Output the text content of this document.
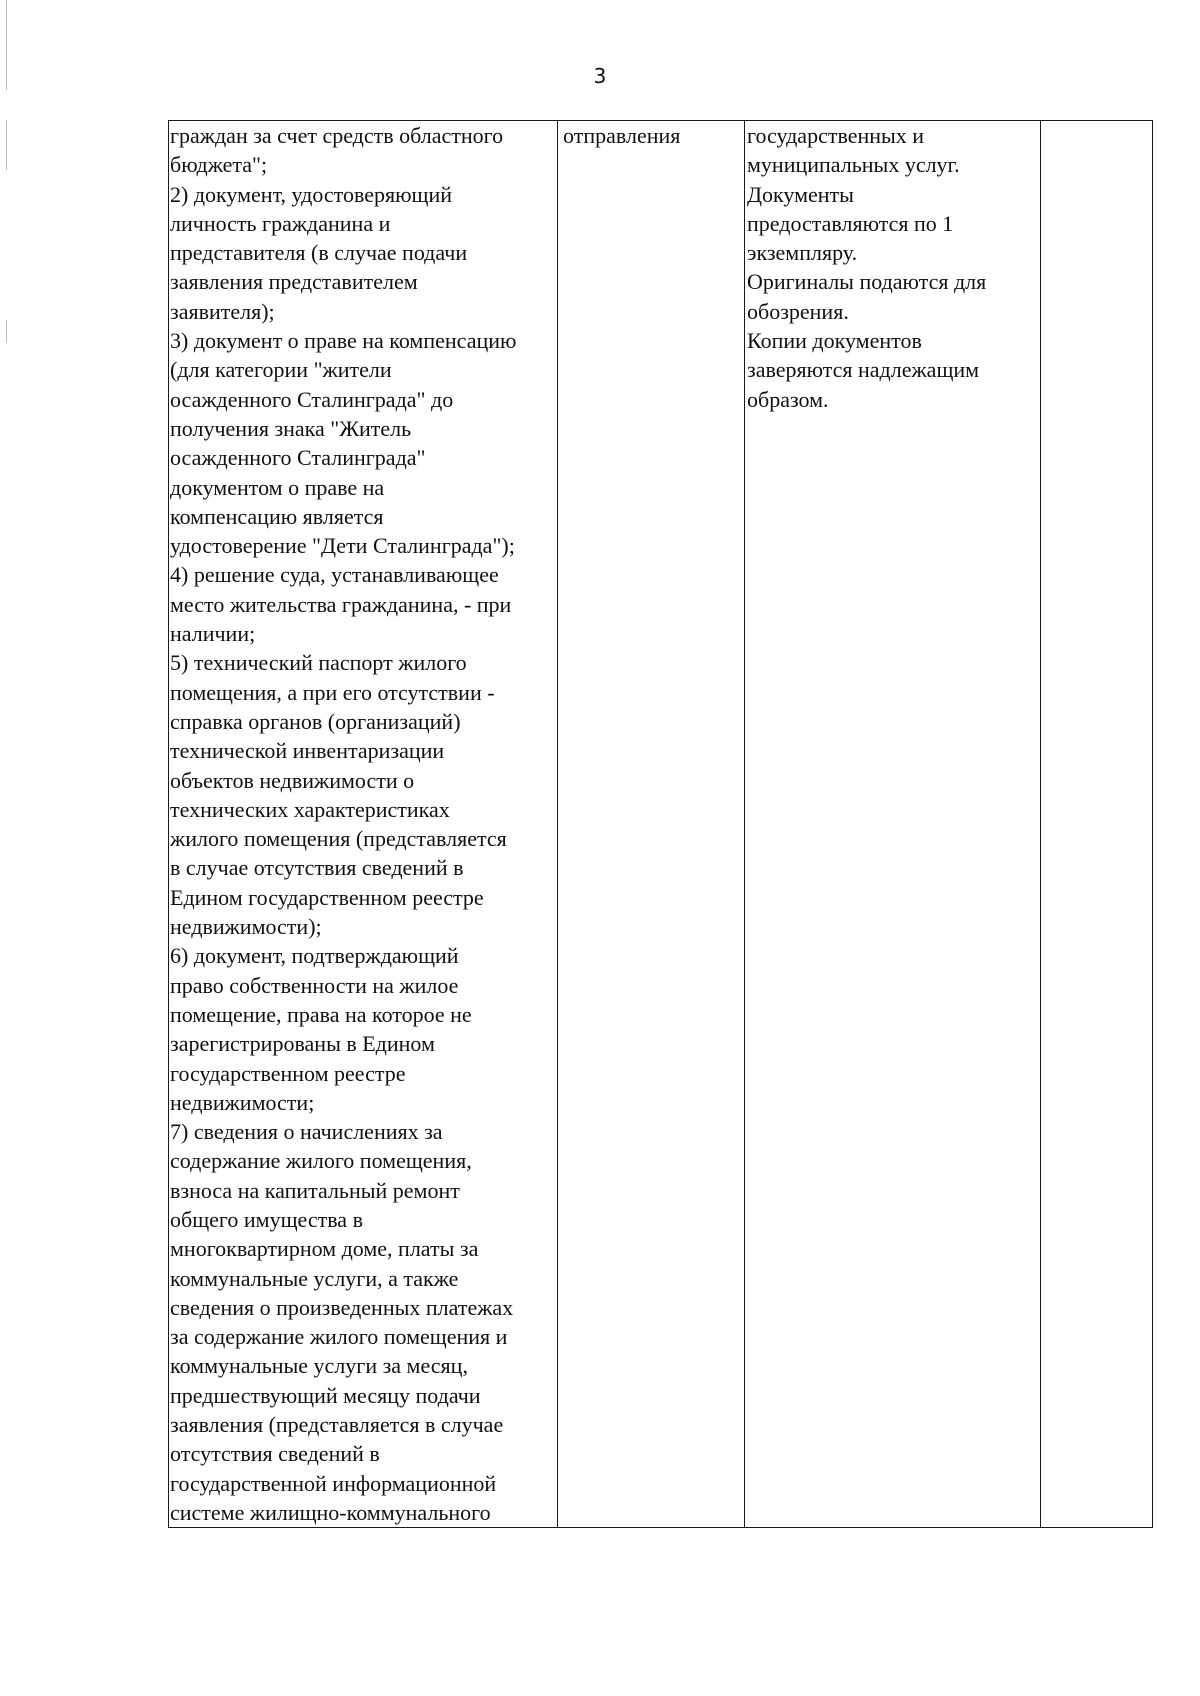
3
граждан за счет средств областного
бюджета";
2) документ, удостоверяющий
личность гражданина и
представителя (в случае подачи
заявления представителем
заявителя);
3) документ о праве на компенсацию
(для категории "жители
осажденного Сталинграда" до
получения знака "Житель
осажденного Сталинграда"
документом о праве на
компенсацию является
удостоверение "Дети Сталинграда");
4) решение суда, устанавливающее
место жительства гражданина, - при
наличии;
5) технический паспорт жилого
помещения, а при его отсутствии -
справка органов (организаций)
технической инвентаризации
объектов недвижимости о
технических характеристиках
жилого помещения (представляется
в случае отсутствия сведений в
Едином государственном реестре
недвижимости);
6) документ, подтверждающий
право собственности на жилое
помещение, права на которое не
зарегистрированы в Едином
государственном реестре
недвижимости;
7) сведения о начислениях за
содержание жилого помещения,
взноса на капитальный ремонт
общего имущества в
многоквартирном доме, платы за
коммунальные услуги, а также
сведения о произведенных платежах
за содержание жилого помещения и
коммунальные услуги за месяц,
предшествующий месяцу подачи
заявления (представляется в случае
отсутствия сведений в
государственной информационной
системе жилищно-коммунального

отправления	государственных и
муниципальных услуг.
Документы
предоставляются по 1
экземпляру.
Оригиналы подаются для
обозрения.
Копии документов
заверяются надлежащим
образом.
